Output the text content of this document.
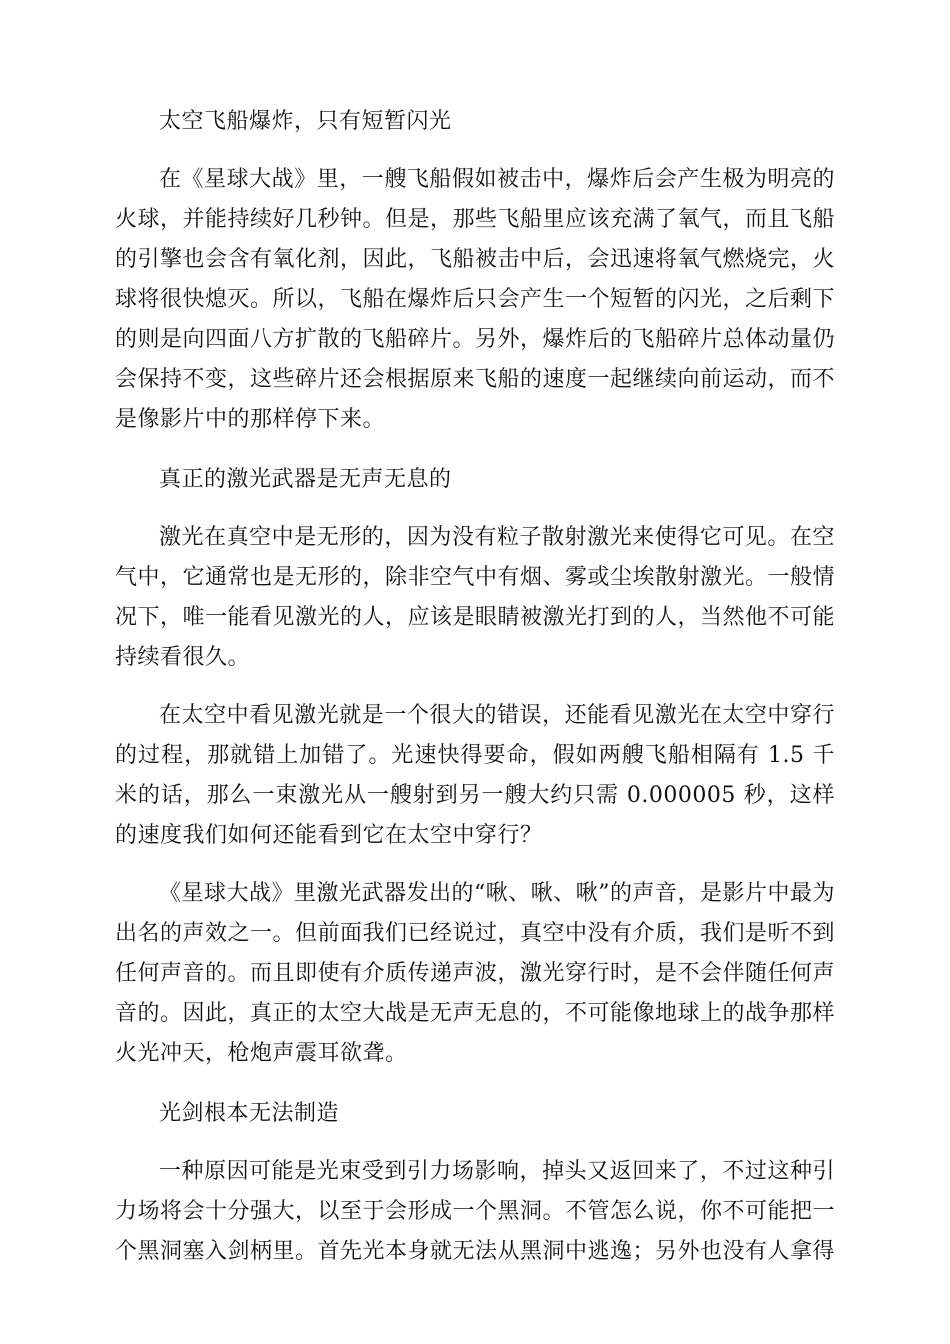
太空飞船爆炸，只有短暂闪光

在《星球大战》里，一艘飞船假如被击中，爆炸后会产生极为明亮的火球，并能持续好几秒钟。但是，那些飞船里应该充满了氧气，而且飞船的引擎也会含有氧化剂，因此，飞船被击中后，会迅速将氧气燃烧完，火球将很快熄灭。所以，飞船在爆炸后只会产生一个短暂的闪光，之后剩下的则是向四面八方扩散的飞船碎片。另外，爆炸后的飞船碎片总体动量仍会保持不变，这些碎片还会根据原来飞船的速度一起继续向前运动，而不是像影片中的那样停下来。

真正的激光武器是无声无息的

激光在真空中是无形的，因为没有粒子散射激光来使得它可见。在空气中，它通常也是无形的，除非空气中有烟、雾或尘埃散射激光。一般情况下，唯一能看见激光的人，应该是眼睛被激光打到的人，当然他不可能持续看很久。

在太空中看见激光就是一个很大的错误，还能看见激光在太空中穿行的过程，那就错上加错了。光速快得要命，假如两艘飞船相隔有 1.5 千米的话，那么一束激光从一艘射到另一艘大约只需 0.000005 秒，这样的速度我们如何还能看到它在太空中穿行？

《星球大战》里激光武器发出的“啾、啾、啾”的声音，是影片中最为出名的声效之一。但前面我们已经说过，真空中没有介质，我们是听不到任何声音的。而且即使有介质传递声波，激光穿行时，是不会伴随任何声音的。因此，真正的太空大战是无声无息的，不可能像地球上的战争那样火光冲天，枪炮声震耳欲聋。

光剑根本无法制造

一种原因可能是光束受到引力场影响，掉头又返回来了，不过这种引力场将会十分强大，以至于会形成一个黑洞。不管怎么说，你不可能把一个黑洞塞入剑柄里。首先光本身就无法从黑洞中逃逸；另外也没有人拿得
